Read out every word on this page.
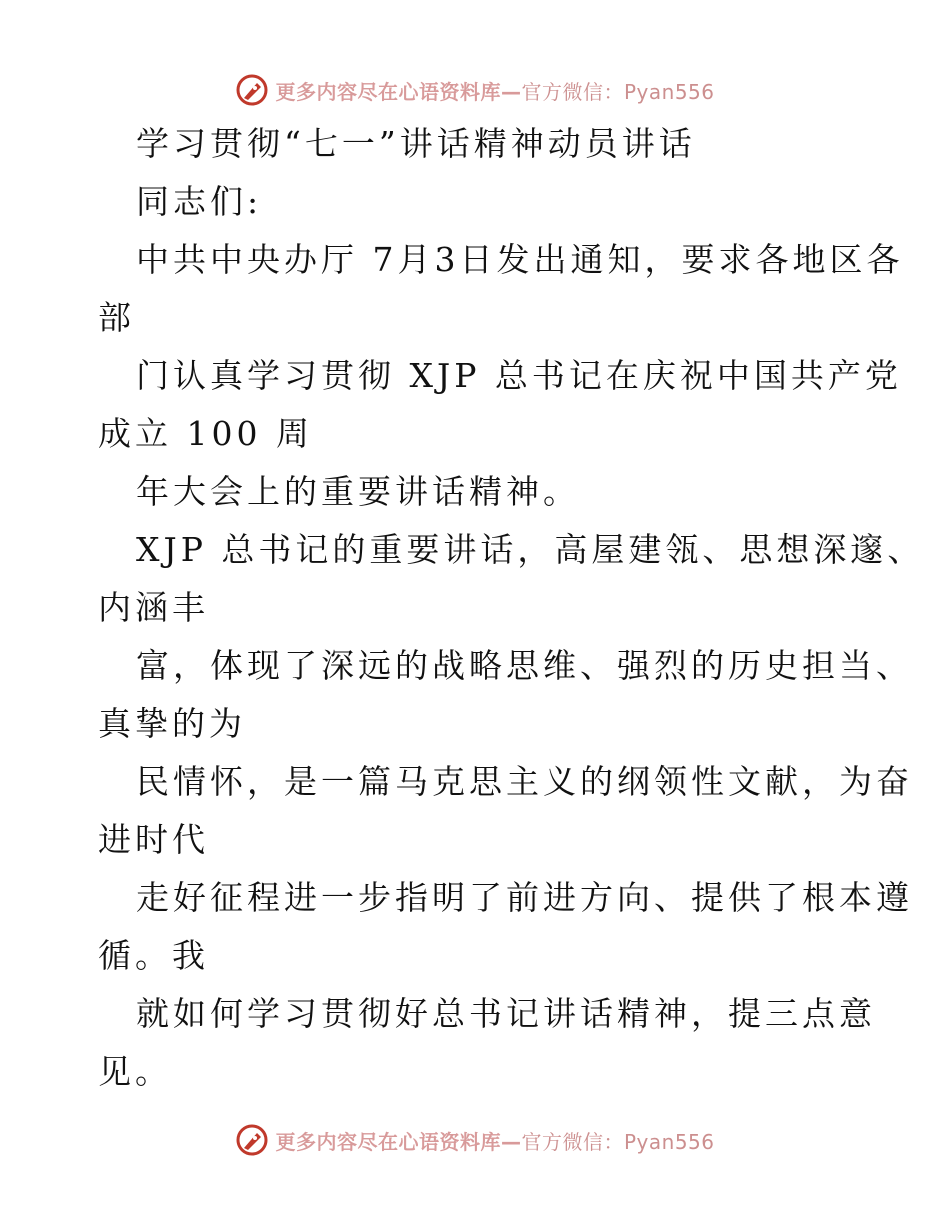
更多内容尽在心语资料库—官方微信：Pyan556
学习贯彻“七一”讲话精神动员讲话
同志们:
中共中央办厅 7月3日发出通知，要求各地区各
部
门认真学习贯彻 XJP 总书记在庆祝中国共产党
成立 100 周
年大会上的重要讲话精神。
XJP 总书记的重要讲话，高屋建瓴、思想深邃、
内涵丰
富，体现了深远的战略思维、强烈的历史担当、
真挚的为
民情怀，是一篇马克思主义的纲领性文献，为奋
进时代
走好征程进一步指明了前进方向、提供了根本遵
循。我
就如何学习贯彻好总书记讲话精神，提三点意
见。
更多内容尽在心语资料库—官方微信：Pyan556
